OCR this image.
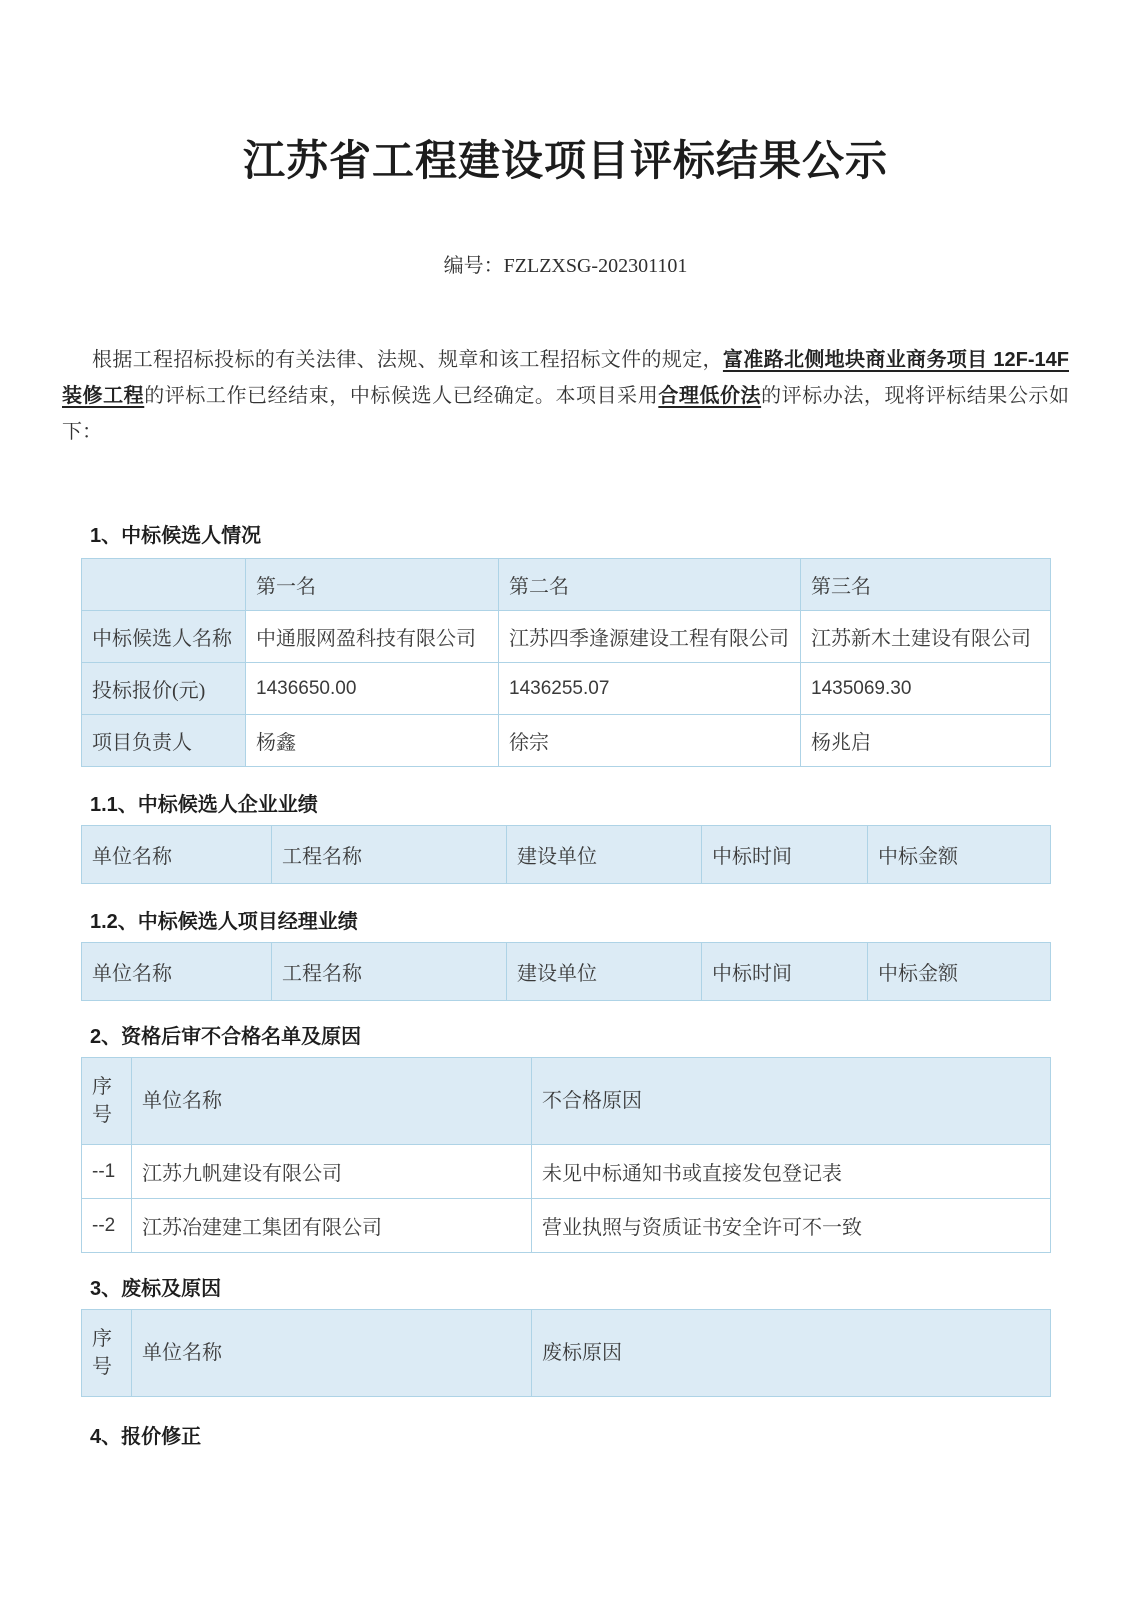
江苏省工程建设项目评标结果公示
编号：FZLZXSG-202301101

根据工程招标投标的有关法律、法规、规章和该工程招标文件的规定，富准路北侧地块商业商务项目 12F-14F装修工程的评标工作已经结束，中标候选人已经确定。本项目采用合理低价法的评标办法，现将评标结果公示如下：

1、中标候选人情况
	第一名	第二名	第三名
中标候选人名称	中通服网盈科技有限公司	江苏四季逢源建设工程有限公司	江苏新木土建设有限公司
投标报价(元)	1436650.00	1436255.07	1435069.30
项目负责人	杨鑫	徐宗	杨兆启
1.1、中标候选人企业业绩
单位名称	工程名称	建设单位	中标时间	中标金额
1.2、中标候选人项目经理业绩
单位名称	工程名称	建设单位	中标时间	中标金额
2、资格后审不合格名单及原因
序号	单位名称	不合格原因
--1	江苏九帆建设有限公司	未见中标通知书或直接发包登记表
--2	江苏冶建建工集团有限公司	营业执照与资质证书安全许可不一致
3、废标及原因
序号	单位名称	废标原因
4、报价修正
